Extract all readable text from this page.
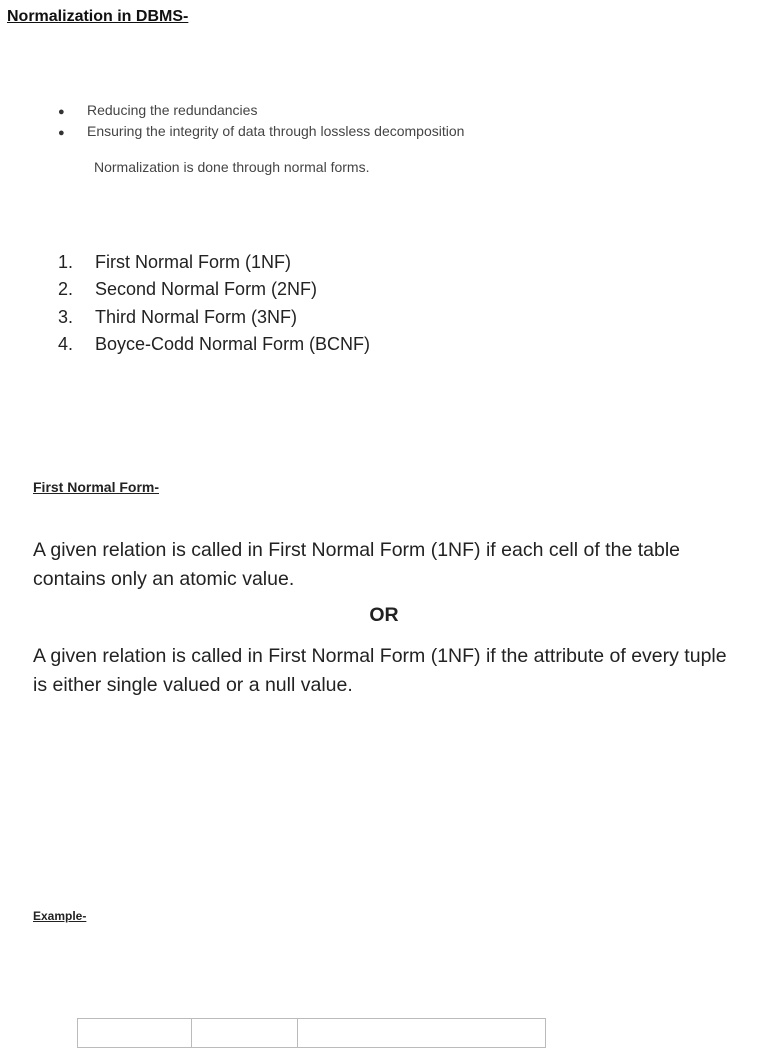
Normalization in DBMS-
● Reducing the redundancies
● Ensuring the integrity of data through lossless decomposition

Normalization is done through normal forms.

1. First Normal Form (1NF)
2. Second Normal Form (2NF)
3. Third Normal Form (3NF)
4. Boyce-Codd Normal Form (BCNF)
First Normal Form-

A given relation is called in First Normal Form (1NF) if each cell of the table contains only an atomic value.

OR

A given relation is called in First Normal Form (1NF) if the attribute of every tuple is either single valued or a null value.

Example-
